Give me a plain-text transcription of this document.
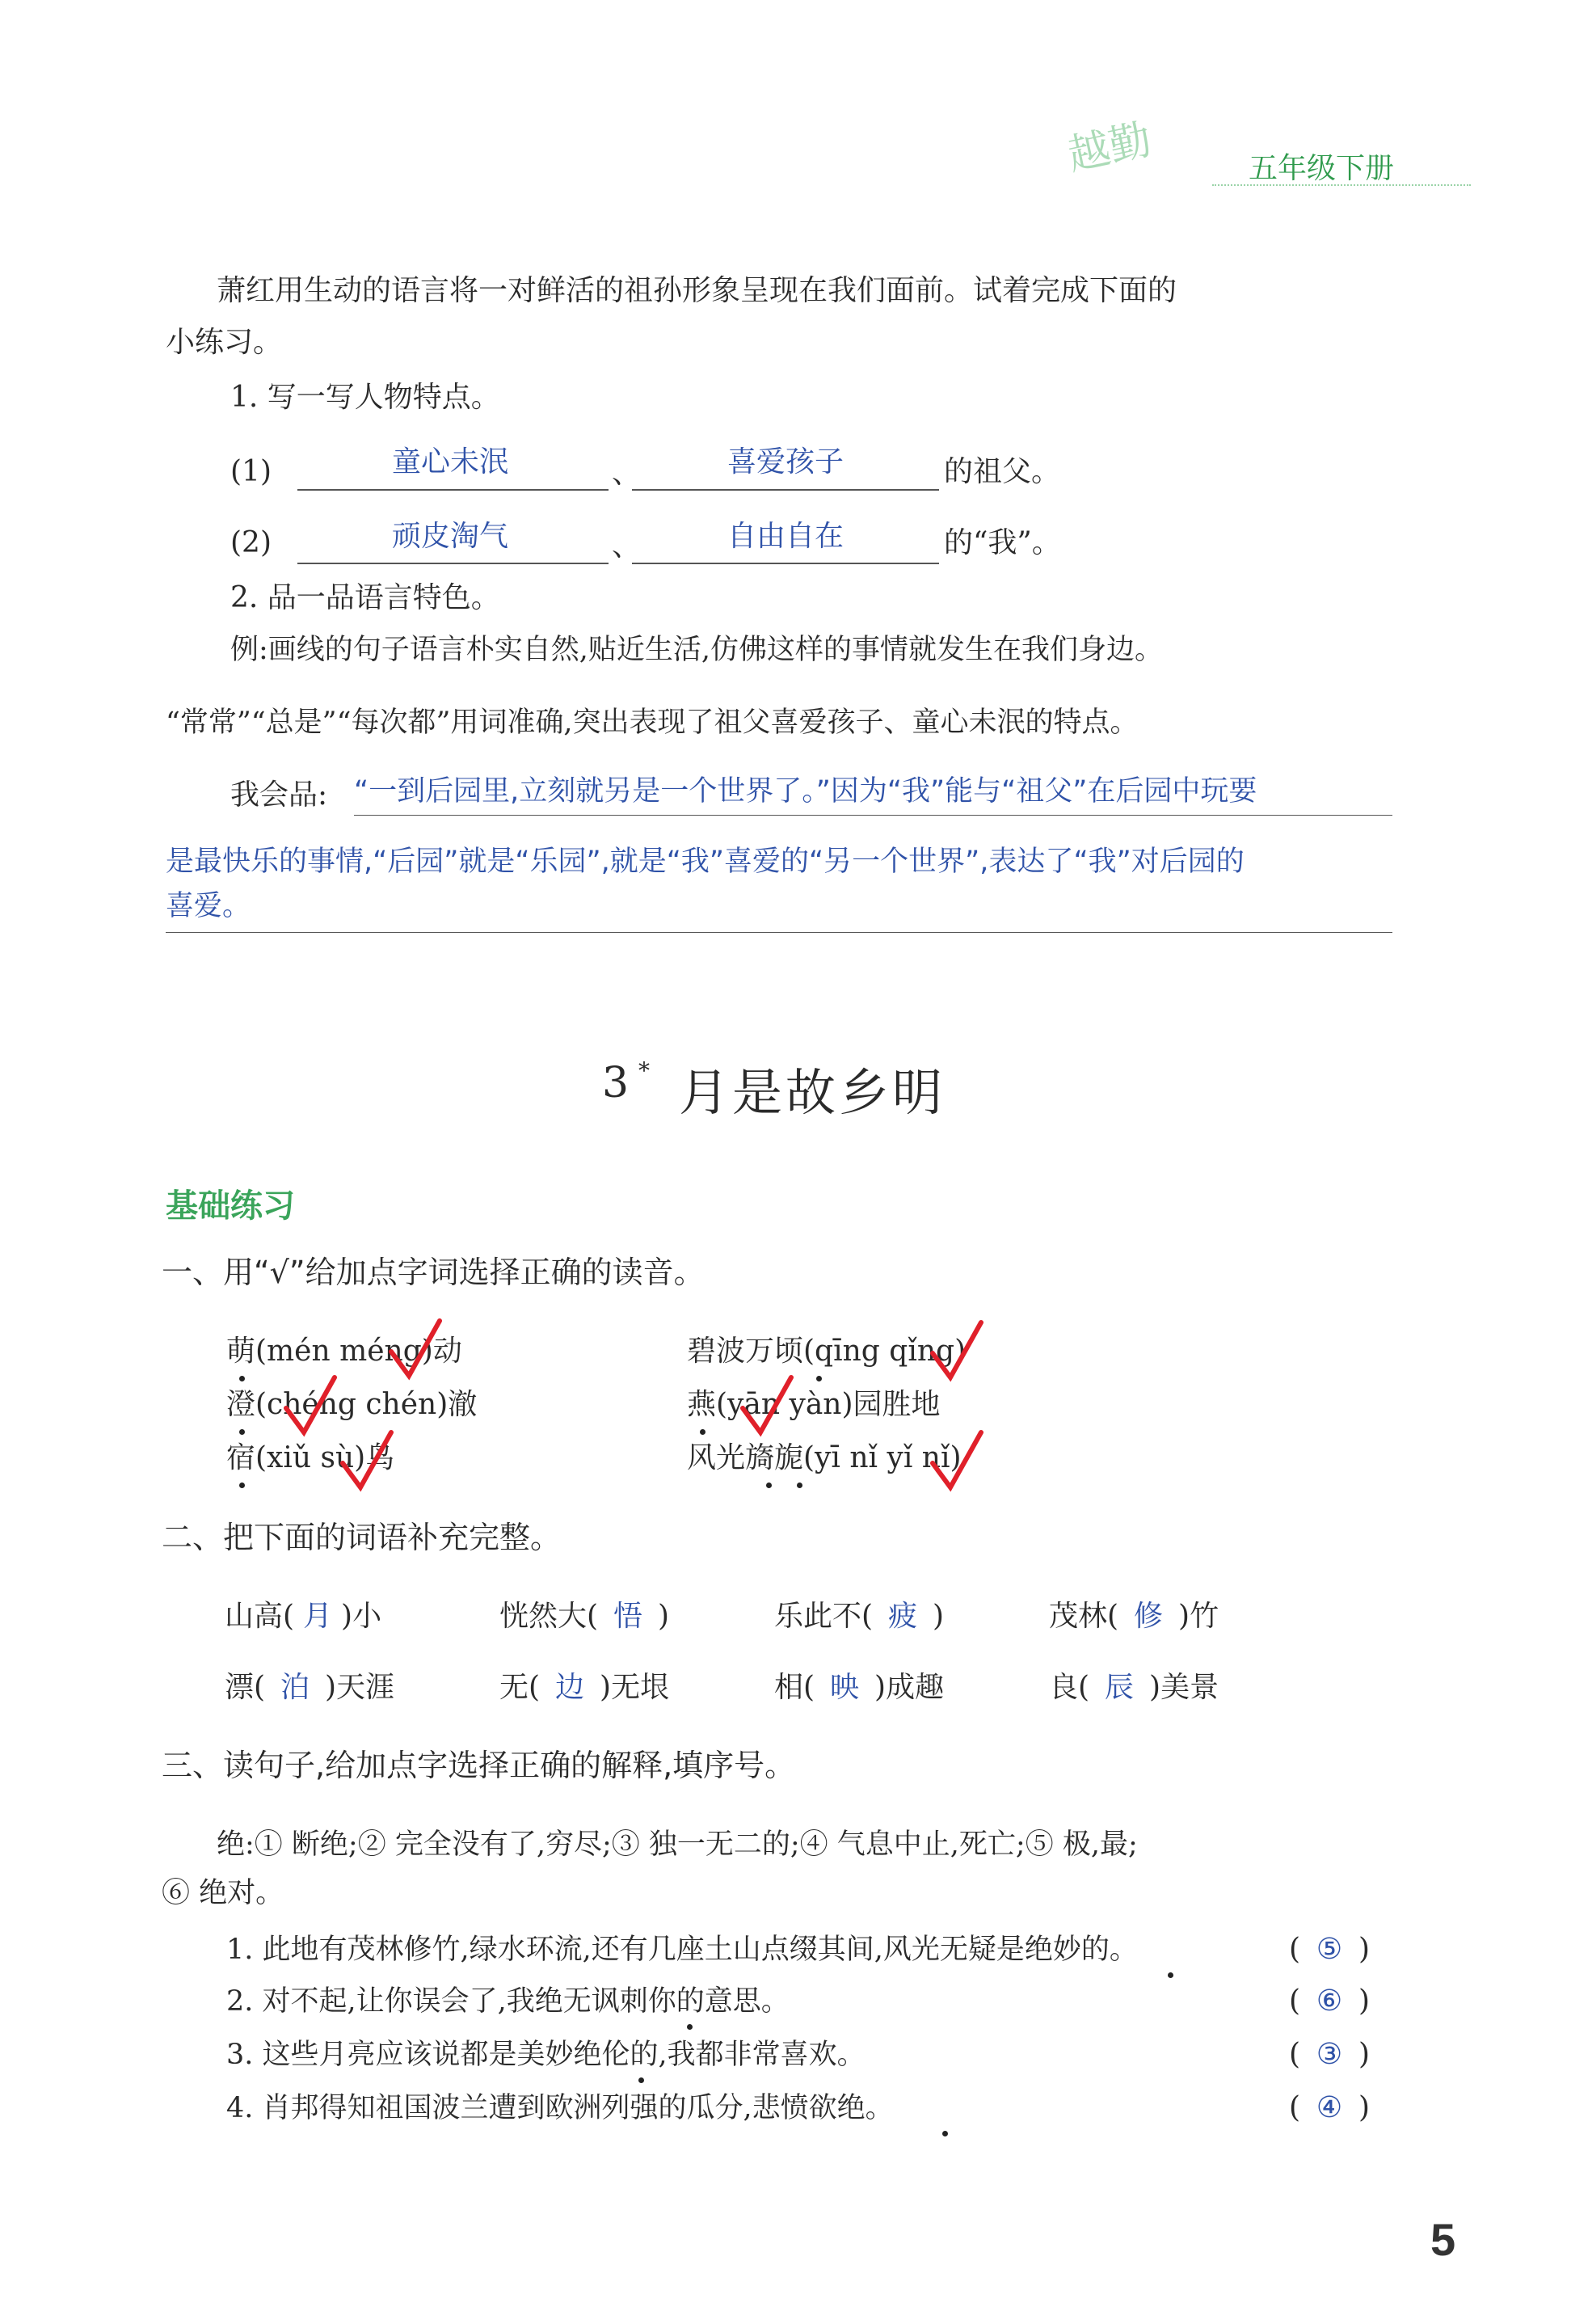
越勤	五年级下册
萧红用生动的语言将一对鲜活的祖孙形象呈现在我们面前。试着完成下面的
小练习。
1. 写一写人物特点。
(1)	童心未泯	、	喜爱孩子	的祖父。
(2)	顽皮淘气	、	自由自在	的“我”。
2. 品一品语言特色。
例:画线的句子语言朴实自然,贴近生活,仿佛这样的事情就发生在我们身边。
“常常”“总是”“每次都”用词准确,突出表现了祖父喜爱孩子、童心未泯的特点。
我会品: “一到后园里,立刻就另是一个世界了。”因为“我”能与“祖父”在后园中玩要
是最快乐的事情,“后园”就是“乐园”,就是“我”喜爱的“另一个世界”,表达了“我”对后园的
喜爱。
3 * 月是故乡明
基础练习
一、用“√”给加点字词选择正确的读音。
萌(mén méng)动	碧波万顷(qīng qǐng)
澄(chéng chén)澈	燕(yān yàn)园胜地
宿(xiǔ sù)鸟	风光旖旎(yī nǐ yǐ nǐ)
二、把下面的词语补充完整。
山高( 月 )小	恍然大( 悟 )	乐此不( 疲 )	茂林( 修 )竹
漂( 泊 )天涯	无( 边 )无垠	相( 映 )成趣	良( 辰 )美景
三、读句子,给加点字选择正确的解释,填序号。
绝:① 断绝;② 完全没有了,穷尽;③ 独一无二的;④ 气息中止,死亡;⑤ 极,最;
⑥ 绝对。
1. 此地有茂林修竹,绿水环流,还有几座土山点缀其间,风光无疑是绝妙的。	( ⑤ )
2. 对不起,让你误会了,我绝无讽刺你的意思。	( ⑥ )
3. 这些月亮应该说都是美妙绝伦的,我都非常喜欢。	( ③ )
4. 肖邦得知祖国波兰遭到欧洲列强的瓜分,悲愤欲绝。	( ④ )
5
